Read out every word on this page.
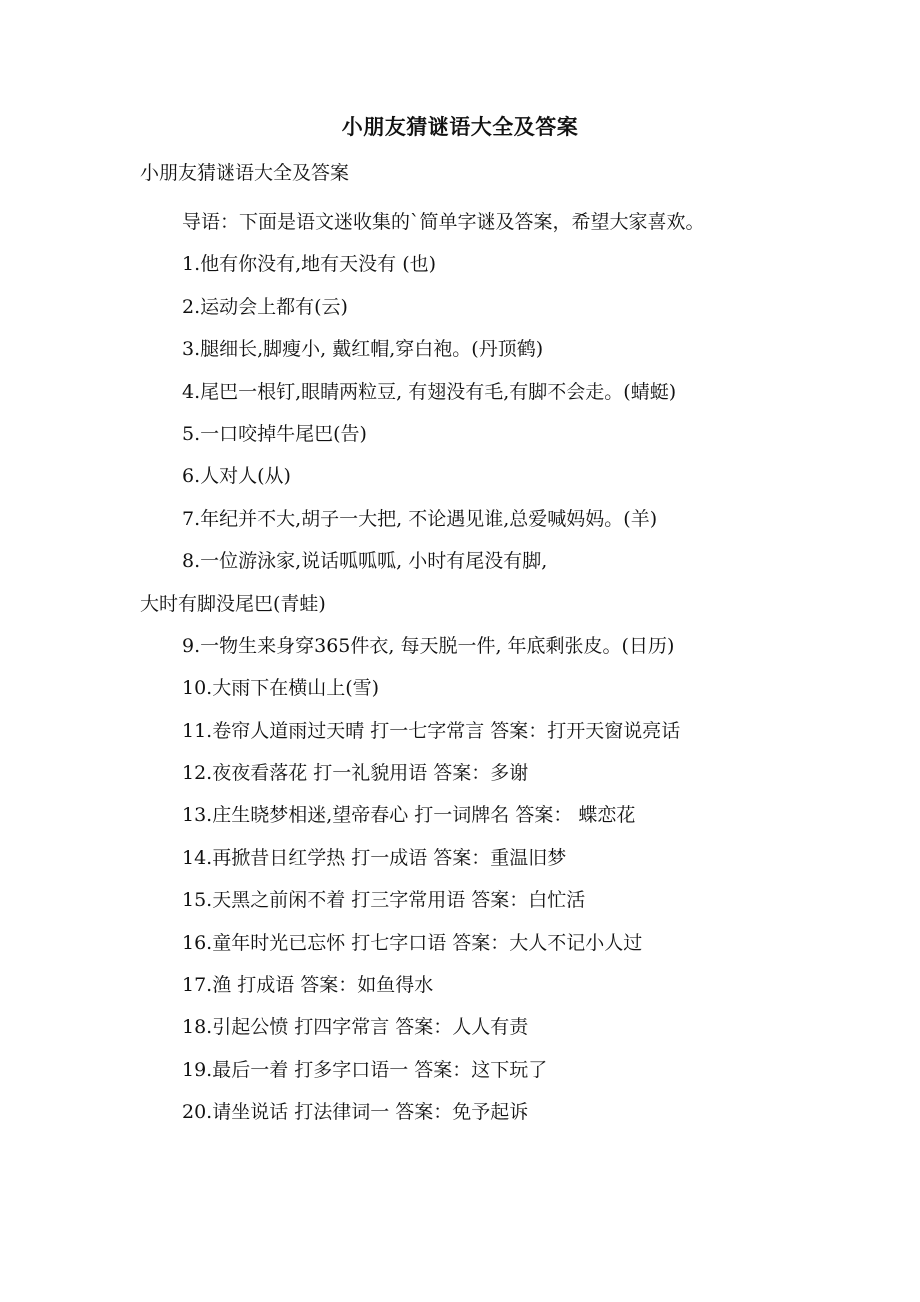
小朋友猜谜语大全及答案
小朋友猜谜语大全及答案
导语：下面是语文迷收集的`简单字谜及答案，希望大家喜欢。
1.他有你没有,地有天没有 (也)
2.运动会上都有(云)
3.腿细长,脚瘦小, 戴红帽,穿白袍。(丹顶鹤)
4.尾巴一根钉,眼睛两粒豆, 有翅没有毛,有脚不会走。(蜻蜓)
5.一口咬掉牛尾巴(告)
6.人对人(从)
7.年纪并不大,胡子一大把, 不论遇见谁,总爱喊妈妈。(羊)
8.一位游泳家,说话呱呱呱, 小时有尾没有脚,
大时有脚没尾巴(青蛙)
9.一物生来身穿365件衣, 每天脱一件, 年底剩张皮。(日历)
10.大雨下在横山上(雪)
11.卷帘人道雨过天晴 打一七字常言 答案：打开天窗说亮话
12.夜夜看落花 打一礼貌用语 答案：多谢
13.庄生晓梦相迷,望帝春心 打一词牌名 答案： 蝶恋花
14.再掀昔日红学热 打一成语 答案：重温旧梦
15.天黑之前闲不着 打三字常用语 答案：白忙活
16.童年时光已忘怀 打七字口语 答案：大人不记小人过
17.渔 打成语 答案：如鱼得水
18.引起公愤 打四字常言 答案：人人有责
19.最后一着 打多字口语一 答案：这下玩了
20.请坐说话 打法律词一 答案：免予起诉
